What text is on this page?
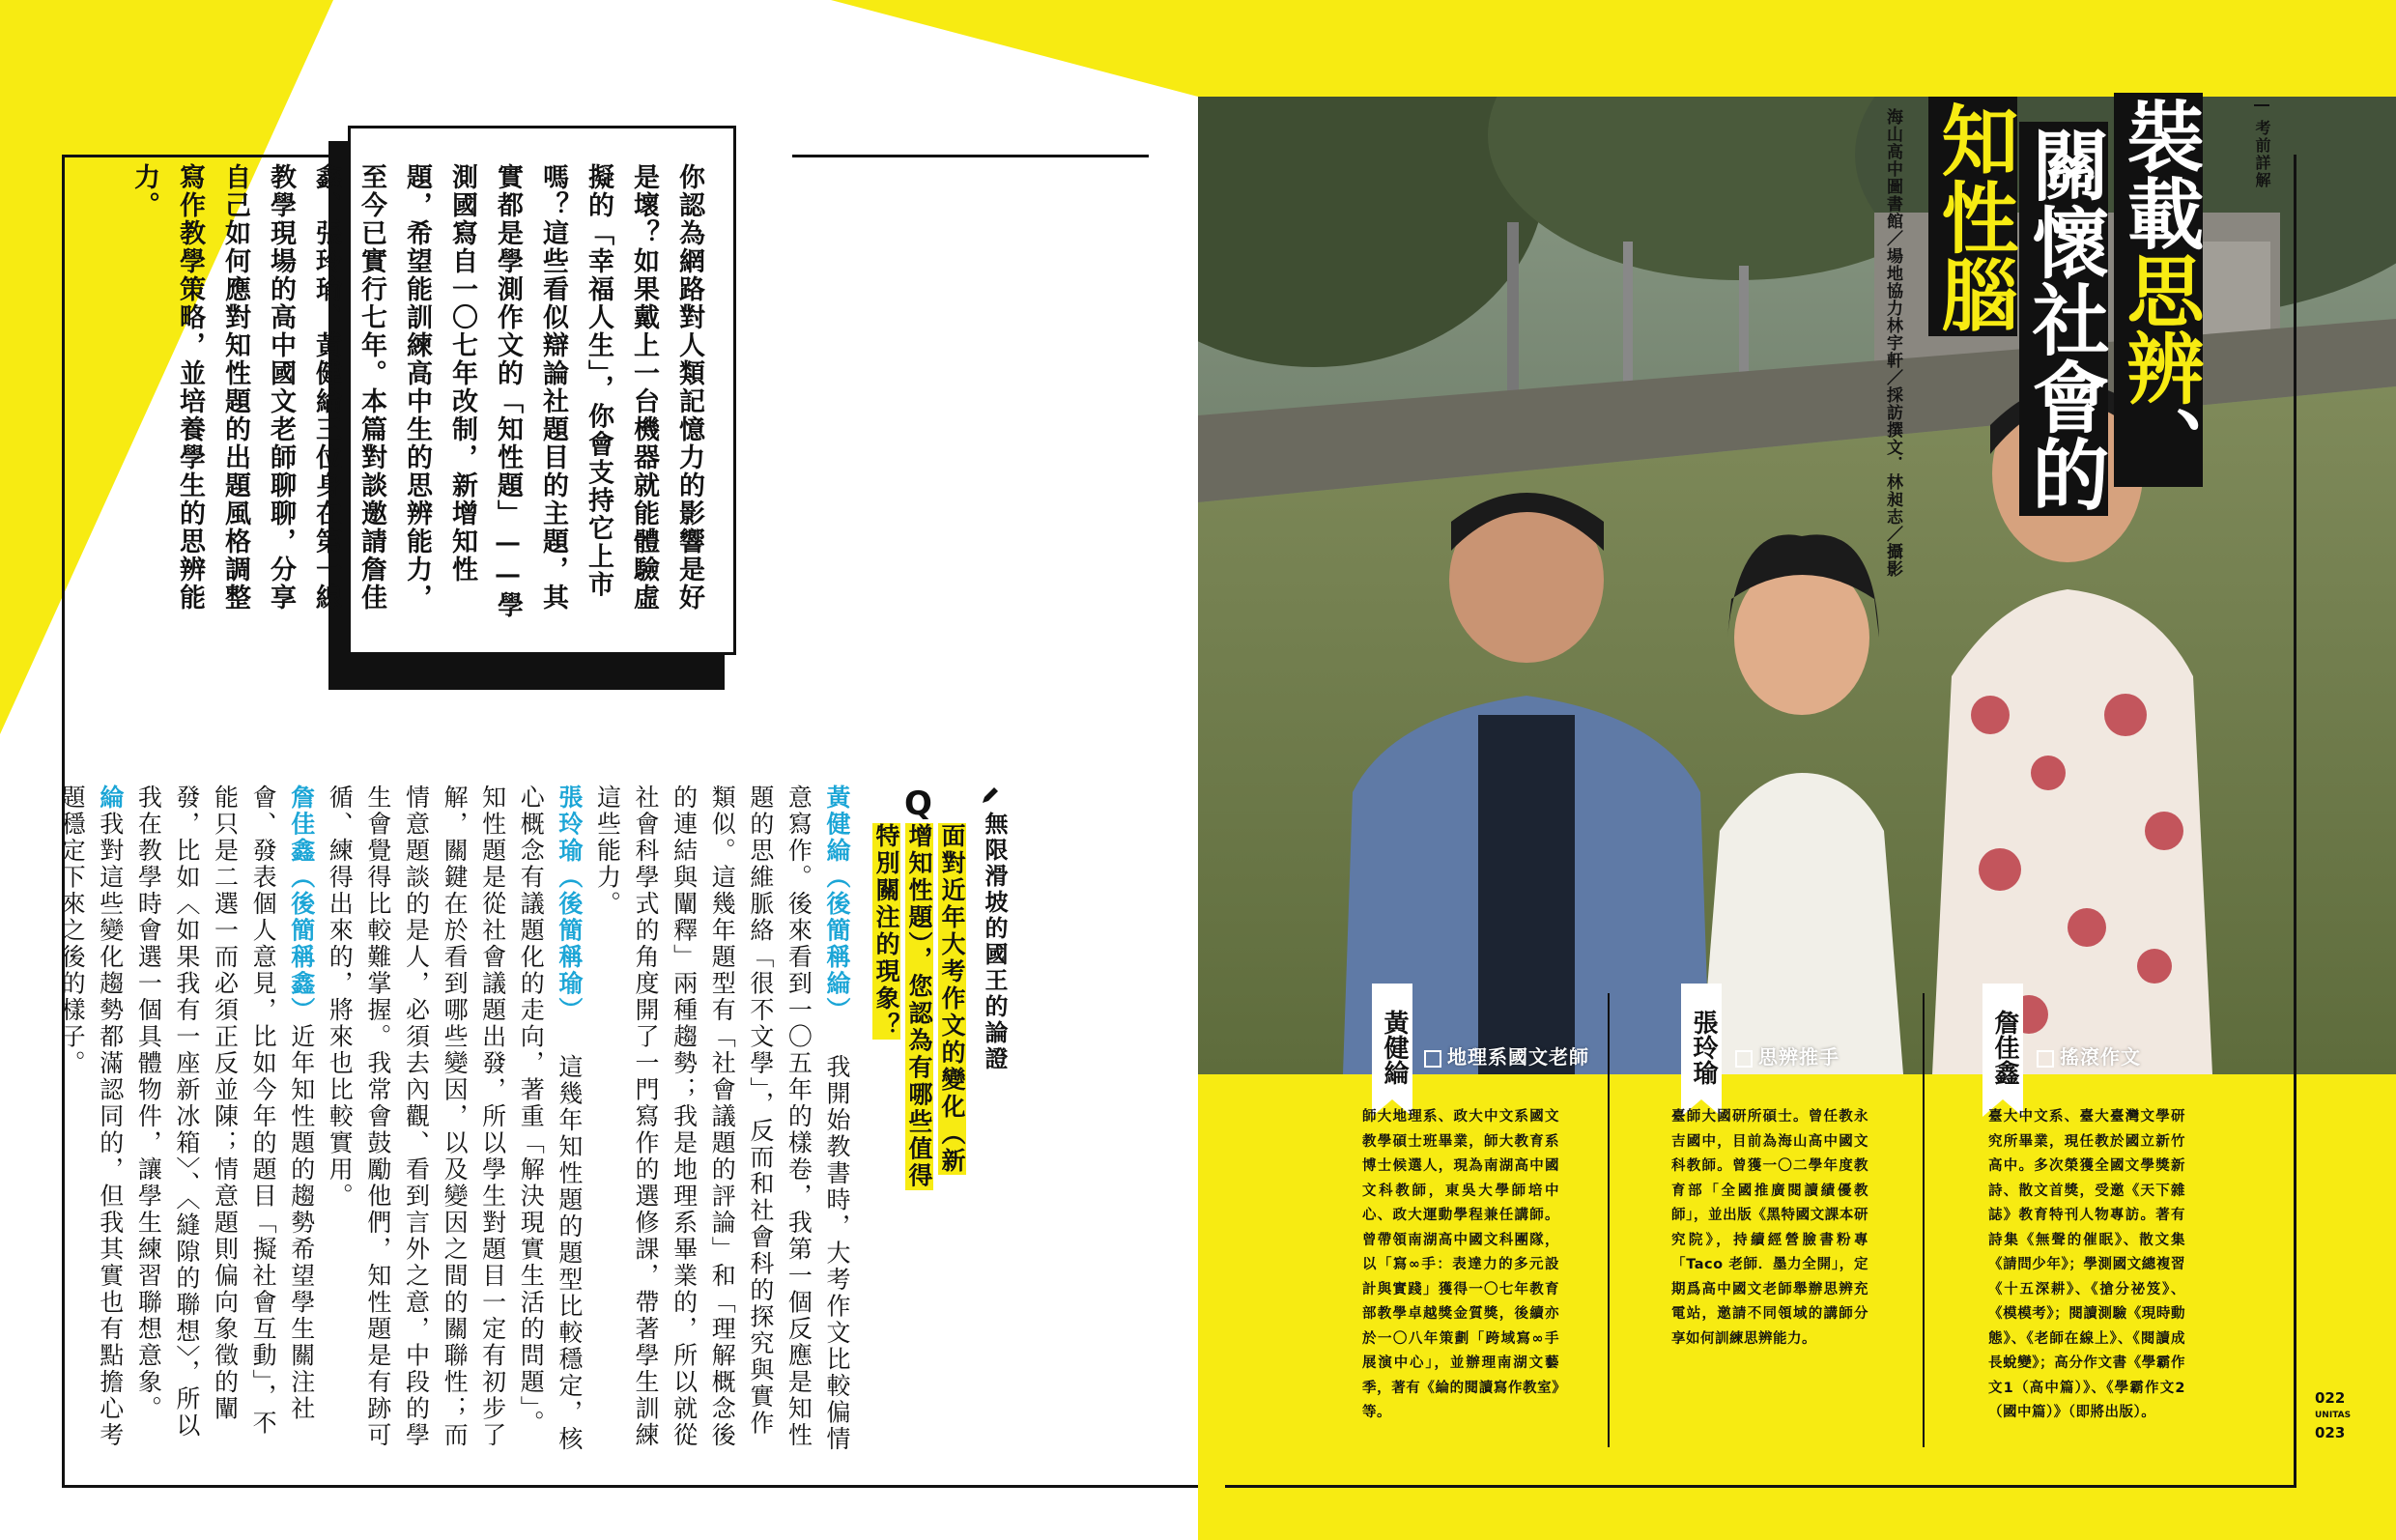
你認為網路對人類記憶力的影響是好是壞？如果戴上一台機器就能體驗虛擬的「幸福人生」，你會支持它上市嗎？這些看似辯論社題目的主題，其實都是學測作文的「知性題」——學測國寫自一〇七年改制，新增知性題，希望能訓練高中生的思辨能力，至今已實行七年。本篇對談邀請詹佳鑫、張玲瑜、黃健綸三位身在第一線教學現場的高中國文老師聊聊，分享自己如何應對知性題的出題風格調整寫作教學策略，並培養學生的思辨能力。
無限滑坡的國王的論證
Q
面對近年大考作文的變化（新增知性題），您認為有哪些值得特別關注的現象？
黃健綸（後簡稱綸） 我開始教書時，大考作文比較偏情意寫作。後來看到一〇五年的樣卷，我第一個反應是知性題的思維脈絡「很不文學」，反而和社會科的探究與實作類似。這幾年題型有「社會議題的評論」和「理解概念後的連結與闡釋」兩種趨勢；我是地理系畢業的，所以就從社會科學式的角度開了一門寫作的選修課，帶著學生訓練這些能力。
張玲瑜（後簡稱瑜） 這幾年知性題的題型比較穩定，核心概念有議題化的走向，著重「解決現實生活的問題」。知性題是從社會議題出發，所以學生對題目一定有初步了解，關鍵在於看到哪些變因，以及變因之間的關聯性；而情意題談的是人，必須去內觀、看到言外之意，中段的學生會覺得比較難掌握。我常會鼓勵他們，知性題是有跡可循、練得出來的，將來也比較實用。
詹佳鑫（後簡稱鑫）近年知性題的趨勢希望學生關注社會、發表個人意見，比如今年的題目「擬社會互動」，不能只是二選一而必須正反並陳；情意題則偏向象徵的闡發，比如〈如果我有一座新冰箱〉、〈縫隙的聯想〉，所以我在教學時會選一個具體物件，讓學生練習聯想意象。
綸我對這些變化趨勢都滿認同的，但我其實也有點擔心考題穩定下來之後的樣子。
考前詳解
裝載思辨、
關懷社會的
知性腦
林宇軒／採訪撰文．林昶志／攝影
海山高中圖書館／場地協力
黃健綸	地理系國文老師	張玲瑜	思辨推手	詹佳鑫	搖滾作文
師大地理系、政大中文系國文教學碩士班畢業，師大教育系博士候選人，現為南湖高中國文科教師，東吳大學師培中心、政大運動學程兼任講師。曾帶領南湖高中國文科團隊，以「寫∞手：表達力的多元設計與實踐」獲得一〇七年教育部教學卓越獎金質獎，後續亦於一〇八年策劃「跨域寫∞手展演中心」，並辦理南湖文藝季，著有《綸的閱讀寫作教室》等。
臺師大國研所碩士。曾任教永吉國中，目前為海山高中國文科教師。曾獲一〇二學年度教育部「全國推廣閱讀績優教師」，並出版《黑特國文課本研究院》，持續經營臉書粉專「Taco 老師．墨力全開」，定期爲高中國文老師舉辦思辨充電站，邀請不同領域的講師分享如何訓練思辨能力。
臺大中文系、臺大臺灣文學研究所畢業，現任教於國立新竹高中。多次榮獲全國文學獎新詩、散文首獎，受邀《天下雜誌》教育特刊人物專訪。著有詩集《無聲的催眠》、散文集《請問少年》；學測國文總複習《十五深耕》、《搶分祕笈》、《模模考》；閱讀測驗《現時動態》、《老師在線上》、《閱讀成長蛻變》；高分作文書《學霸作文1（高中篇）》、《學霸作文2（國中篇）》（即將出版）。
022
UNITAS
023
